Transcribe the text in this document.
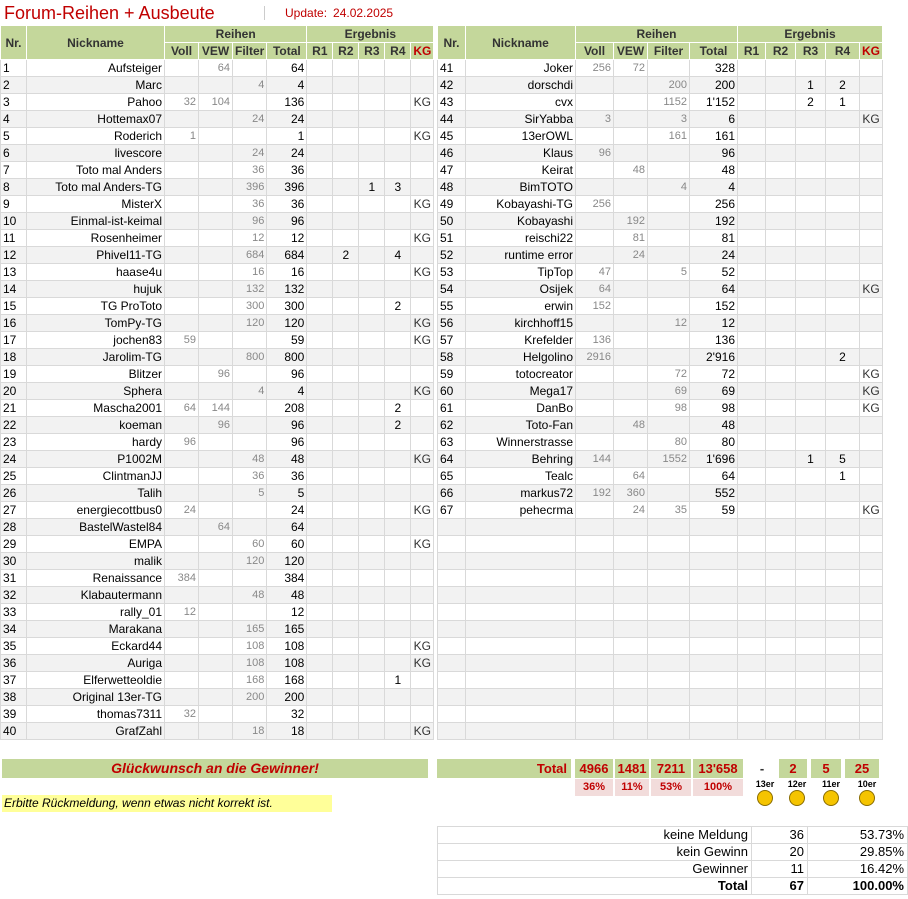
Forum-Reihen + Ausbeute	Update: 24.02.2025
Nr.	Nickname	Reihen				Ergebnis				
		Voll	VEW	Filter	Total	R1	R2	R3	R4	KG
1	Aufsteiger		64		64					
2	Marc			4	4					
3	Pahoo	32	104		136					KG
4	Hottemax07			24	24					
5	Roderich	1			1					KG
6	livescore			24	24					
7	Toto mal Anders			36	36					
8	Toto mal Anders-TG			396	396			1	3	
9	MisterX			36	36					KG
10	Einmal-ist-keimal			96	96					
11	Rosenheimer			12	12					KG
12	Phivel11-TG			684	684		2		4	
13	haase4u			16	16					KG
14	hujuk			132	132					
15	TG ProToto			300	300				2	
16	TomPy-TG			120	120					KG
17	jochen83	59			59					KG
18	Jarolim-TG			800	800					
19	Blitzer		96		96					
20	Sphera			4	4					KG
21	Mascha2001	64	144		208				2	
22	koeman		96		96				2	
23	hardy	96			96					
24	P1002M			48	48					KG
25	ClintmanJJ			36	36					
26	Talih			5	5					
27	energiecottbus0	24			24					KG
28	BastelWastel84		64		64					
29	EMPA			60	60					KG
30	malik			120	120					
31	Renaissance	384			384					
32	Klabautermann			48	48					
33	rally_01	12			12					
34	Marakana			165	165					
35	Eckard44			108	108					KG
36	Auriga			108	108					KG
37	Elferwetteoldie			168	168				1	
38	Original 13er-TG			200	200					
39	thomas7311	32			32					
40	GrafZahl			18	18					KG
Nr.	Nickname	Reihen				Ergebnis				
		Voll	VEW	Filter	Total	R1	R2	R3	R4	KG
41	Joker	256	72		328					
42	dorschdi			200	200			1	2	
43	cvx			1152	1'152			2	1	
44	SirYabba	3		3	6					KG
45	13erOWL			161	161					
46	Klaus	96			96					
47	Keirat		48		48					
48	BimTOTO			4	4					
49	Kobayashi-TG	256			256					
50	Kobayashi		192		192					
51	reischi22		81		81					
52	runtime error		24		24					
53	TipTop	47		5	52					
54	Osijek	64			64					KG
55	erwin	152			152					
56	kirchhoff15			12	12					
57	Krefelder	136			136					
58	Helgolino	2916			2'916				2	
59	totocreator			72	72					KG
60	Mega17			69	69					KG
61	DanBo			98	98					KG
62	Toto-Fan		48		48					
63	Winnerstrasse			80	80					
64	Behring	144		1552	1'696			1	5	
65	Tealc		64		64				1	
66	markus72	192	360		552					
67	pehecrma		24	35	59					KG

Glückwunsch an die Gewinner!	Total 4966 1481 7211	13'658	-	2	5	25
36%	11%	53%	100%
Erbitte Rückmeldung, wenn etwas nicht korrekt ist.
13er	12er	11er	10er

keine Meldung	36	53.73%
kein Gewinn	20	29.85%
Gewinner	11	16.42%
Total	67	100.00%
